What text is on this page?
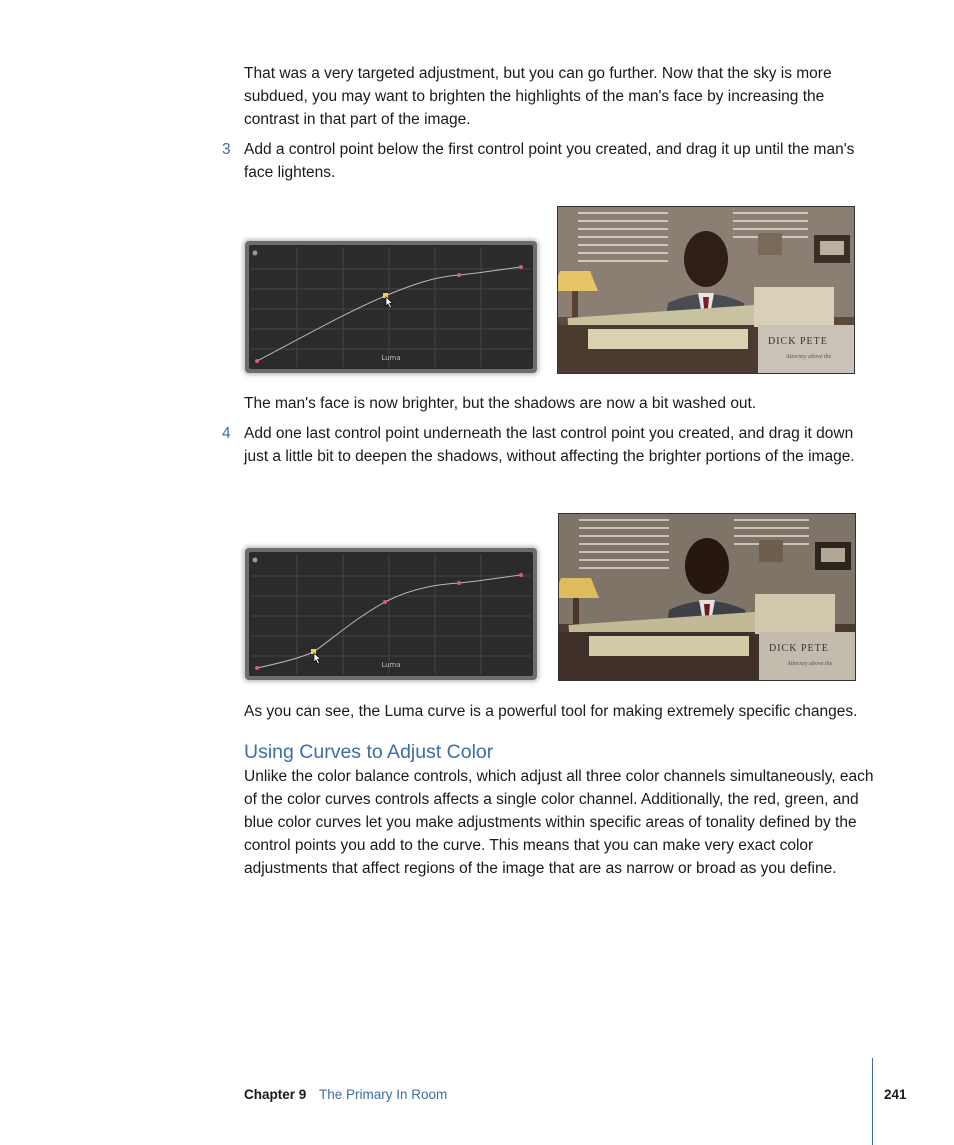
That was a very targeted adjustment, but you can go further. Now that the sky is more subdued, you may want to brighten the highlights of the man's face by increasing the contrast in that part of the image.

3 Add a control point below the first control point you created, and drag it up until the man's face lightens.

Luma
DICK PETE
Attorney above the

The man's face is now brighter, but the shadows are now a bit washed out.

4 Add one last control point underneath the last control point you created, and drag it down just a little bit to deepen the shadows, without affecting the brighter portions of the image.

Luma
DICK PETE
Attorney above the

As you can see, the Luma curve is a powerful tool for making extremely specific changes.

Using Curves to Adjust Color

Unlike the color balance controls, which adjust all three color channels simultaneously, each of the color curves controls affects a single color channel. Additionally, the red, green, and blue color curves let you make adjustments within specific areas of tonality defined by the control points you add to the curve. This means that you can make very exact color adjustments that affect regions of the image that are as narrow or broad as you define.

Chapter 9 The Primary In Room	241
